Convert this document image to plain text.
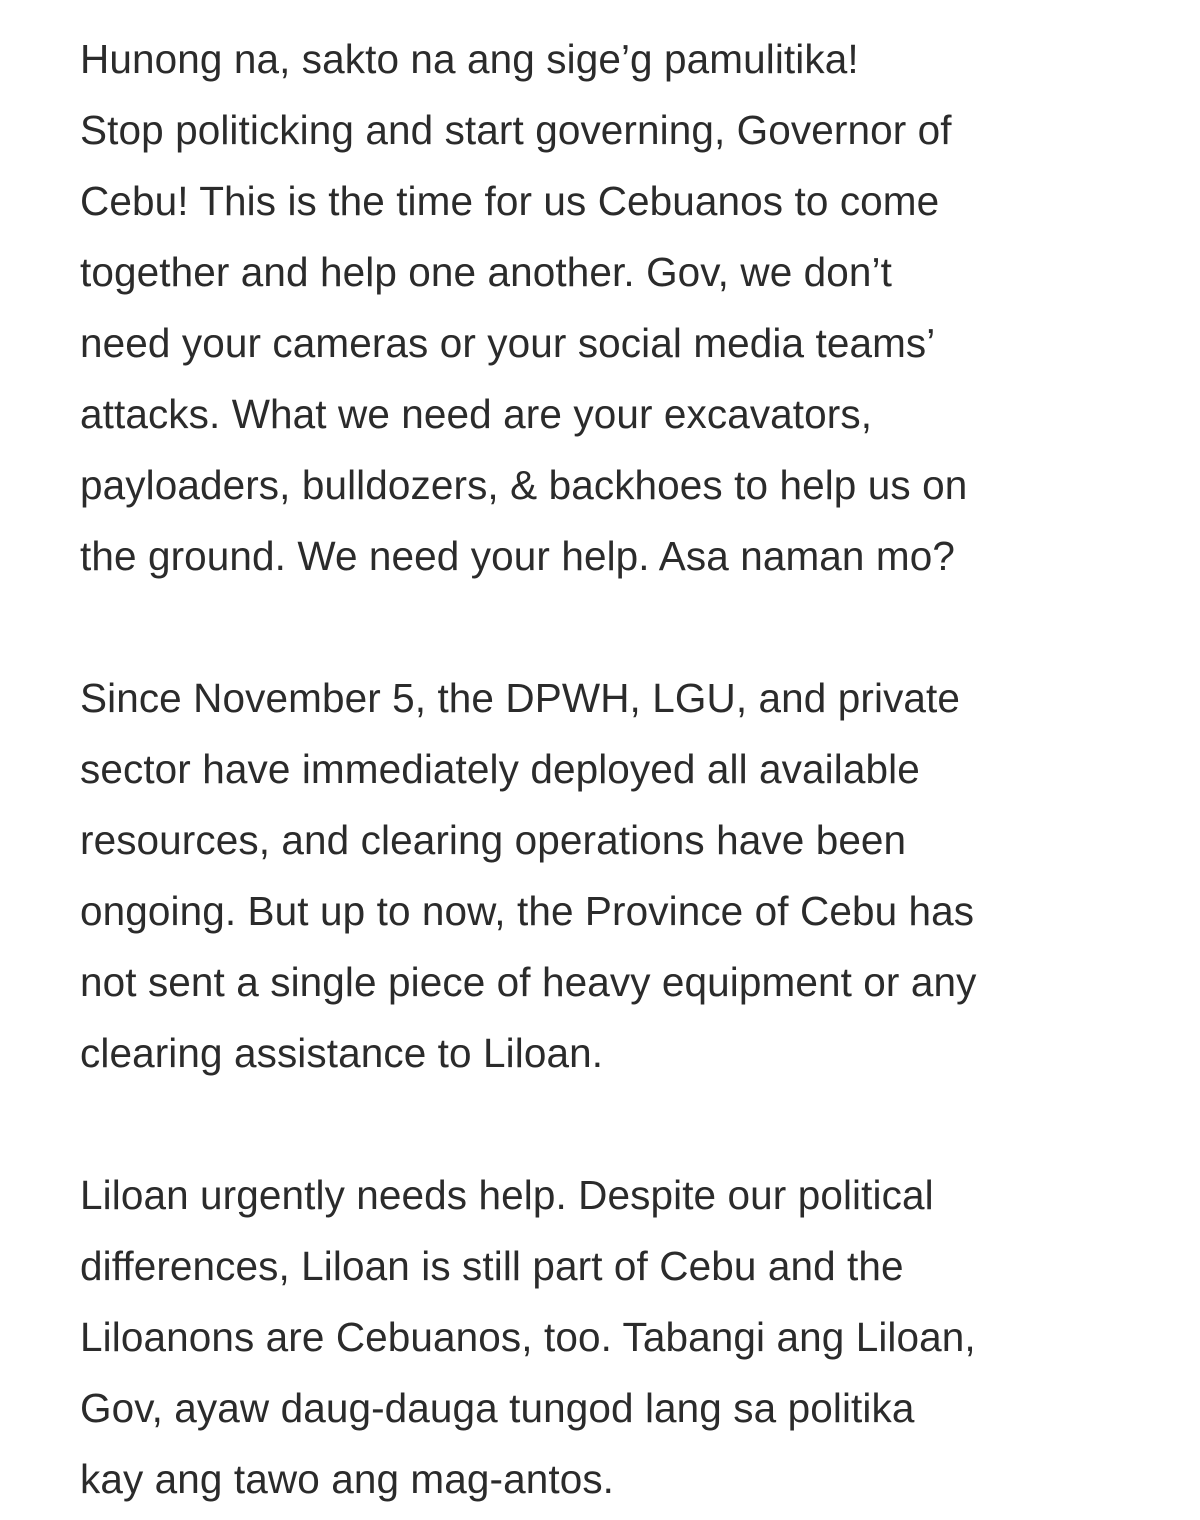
Hunong na, sakto na ang sige’g pamulitika!
Stop politicking and start governing, Governor of
Cebu! This is the time for us Cebuanos to come
together and help one another. Gov, we don’t
need your cameras or your social media teams’
attacks. What we need are your excavators,
payloaders, bulldozers, & backhoes to help us on
the ground. We need your help. Asa naman mo?

Since November 5, the DPWH, LGU, and private
sector have immediately deployed all available
resources, and clearing operations have been
ongoing. But up to now, the Province of Cebu has
not sent a single piece of heavy equipment or any
clearing assistance to Liloan.

Liloan urgently needs help. Despite our political
differences, Liloan is still part of Cebu and the
Liloanons are Cebuanos, too. Tabangi ang Liloan,
Gov, ayaw daug-dauga tungod lang sa politika
kay ang tawo ang mag-antos.
